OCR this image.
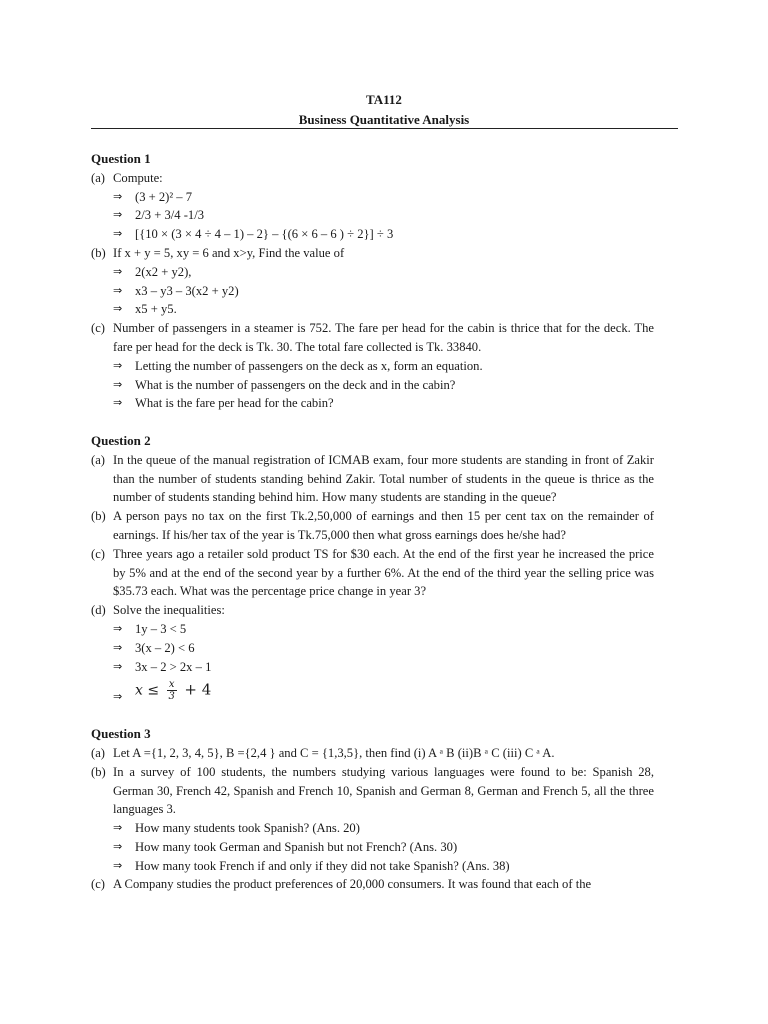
TA112
Business Quantitative Analysis
Question 1
(a) Compute:
⇒	(3 + 2)² – 7
⇒	2/3 + 3/4 -1/3
⇒	[{10 × (3 × 4 ÷ 4 – 1) – 2} – {(6 × 6 – 6 ) ÷ 2}] ÷ 3
(b) If x + y = 5, xy = 6 and x>y, Find the value of
⇒	2(x2 + y2),
⇒	x3 – y3 – 3(x2 + y2)
⇒	x5 + y5.
(c) Number of passengers in a steamer is 752. The fare per head for the cabin is thrice that for the deck. The fare per head for the deck is Tk. 30. The total fare collected is Tk. 33840.
⇒	Letting the number of passengers on the deck as x, form an equation.
⇒	What is the number of passengers on the deck and in the cabin?
⇒	What is the fare per head for the cabin?
Question 2
(a) In the queue of the manual registration of ICMAB exam, four more students are standing in front of Zakir than the number of students standing behind Zakir. Total number of students in the queue is thrice as the number of students standing behind him. How many students are standing in the queue?
(b) A person pays no tax on the first Tk.2,50,000 of earnings and then 15 per cent tax on the remainder of earnings. If his/her tax of the year is Tk.75,000 then what gross earnings does he/she had?
(c) Three years ago a retailer sold product TS for $30 each. At the end of the first year he increased the price by 5% and at the end of the second year by a further 6%. At the end of the third year the selling price was $35.73 each. What was the percentage price change in year 3?
(d) Solve the inequalities:
⇒	1y – 3 < 5
⇒	3(x – 2) < 6
⇒	3x – 2 > 2x – 1
⇒ $x \le \frac{x}{3} + 4$
Question 3
(a) Let A ={1, 2, 3, 4, 5}, B ={2,4 } and C = {1,3,5}, then find (i) A ᵃ B (ii)B ᵃ C (iii) C ᵃ A.
(b) In a survey of 100 students, the numbers studying various languages were found to be: Spanish 28, German 30, French 42, Spanish and French 10, Spanish and German 8, German and French 5, all the three languages 3.
⇒	How many students took Spanish? (Ans. 20)
⇒	How many took German and Spanish but not French? (Ans. 30)
⇒	How many took French if and only if they did not take Spanish? (Ans. 38)
(c) A Company studies the product preferences of 20,000 consumers. It was found that each of the
